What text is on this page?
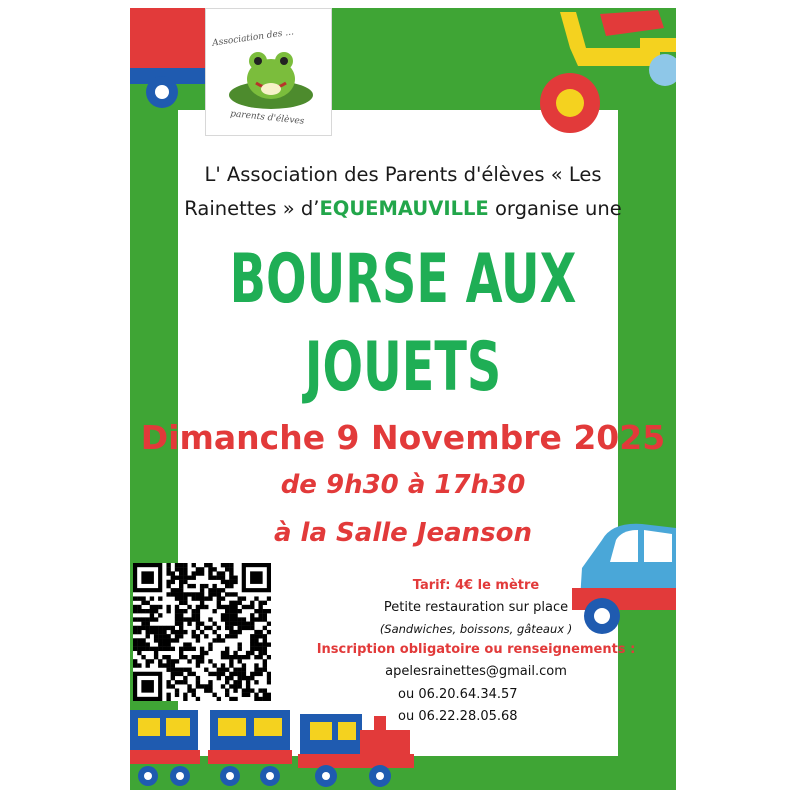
Association des ...
parents d'élèves

L' Association des Parents d'élèves « Les
Rainettes » d’EQUEMAUVILLE organise une

BOURSE AUX
JOUETS
Dimanche 9 Novembre 2025
de 9h30 à 17h30
à la Salle Jeanson
Tarif: 4€ le mètre
Petite restauration sur place
(Sandwiches, boissons, gâteaux )
Inscription obligatoire ou renseignements :
apelesrainettes@gmail.com
ou 06.20.64.34.57
ou 06.22.28.05.68
